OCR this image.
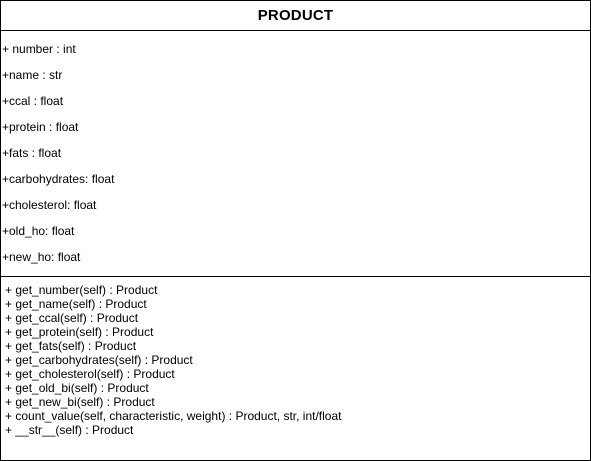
PRODUCT
+ number : int
+name : str
+ccal : float
+protein : float
+fats : float
+carbohydrates: float
+cholesterol: float
+old_ho: float
+new_ho: float
+ get_number(self) : Product
+ get_name(self) : Product
+ get_ccal(self) : Product
+ get_protein(self) : Product
+ get_fats(self) : Product
+ get_carbohydrates(self) : Product
+ get_cholesterol(self) : Product
+ get_old_bi(self) : Product
+ get_new_bi(self) : Product
+ count_value(self, characteristic, weight) : Product, str, int/float
+ __str__(self) : Product
